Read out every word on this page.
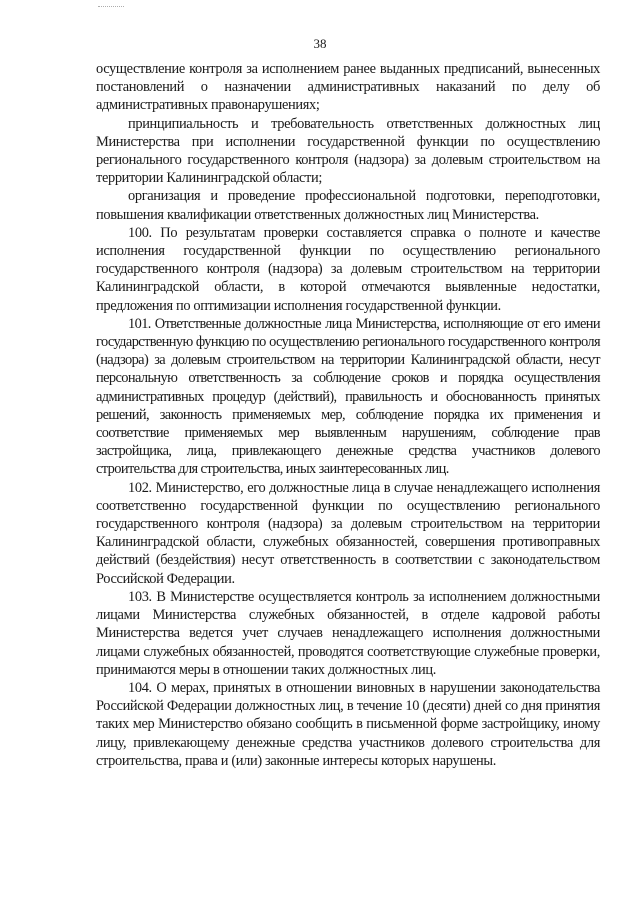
38

осуществление контроля за исполнением ранее выданных предписаний, вынесенных постановлений о назначении административных наказаний по делу об административных правонарушениях;

принципиальность и требовательность ответственных должностных лиц Министерства при исполнении государственной функции по осуществлению регионального государственного контроля (надзора) за долевым строительством на территории Калининградской области;

организация и проведение профессиональной подготовки, переподготовки, повышения квалификации ответственных должностных лиц Министерства.

100. По результатам проверки составляется справка о полноте и качестве исполнения государственной функции по осуществлению регионального государственного контроля (надзора) за долевым строительством на территории Калининградской области, в которой отмечаются выявленные недостатки, предложения по оптимизации исполнения государственной функции.

101. Ответственные должностные лица Министерства, исполняющие от его имени государственную функцию по осуществлению регионального государственного контроля (надзора) за долевым строительством на территории Калининградской области, несут персональную ответственность за соблюдение сроков и порядка осуществления административных процедур (действий), правильность и обоснованность принятых решений, законность применяемых мер, соблюдение порядка их применения и соответствие применяемых мер выявленным нарушениям, соблюдение прав застройщика, лица, привлекающего денежные средства участников долевого строительства для строительства, иных заинтересованных лиц.

102. Министерство, его должностные лица в случае ненадлежащего исполнения соответственно государственной функции по осуществлению регионального государственного контроля (надзора) за долевым строительством на территории Калининградской области, служебных обязанностей, совершения противоправных действий (бездействия) несут ответственность в соответствии с законодательством Российской Федерации.

103. В Министерстве осуществляется контроль за исполнением должностными лицами Министерства служебных обязанностей, в отделе кадровой работы Министерства ведется учет случаев ненадлежащего исполнения должностными лицами служебных обязанностей, проводятся соответствующие служебные проверки, принимаются меры в отношении таких должностных лиц.

104. О мерах, принятых в отношении виновных в нарушении законодательства Российской Федерации должностных лиц, в течение 10 (десяти) дней со дня принятия таких мер Министерство обязано сообщить в письменной форме застройщику, иному лицу, привлекающему денежные средства участников долевого строительства для строительства, права и (или) законные интересы которых нарушены.
